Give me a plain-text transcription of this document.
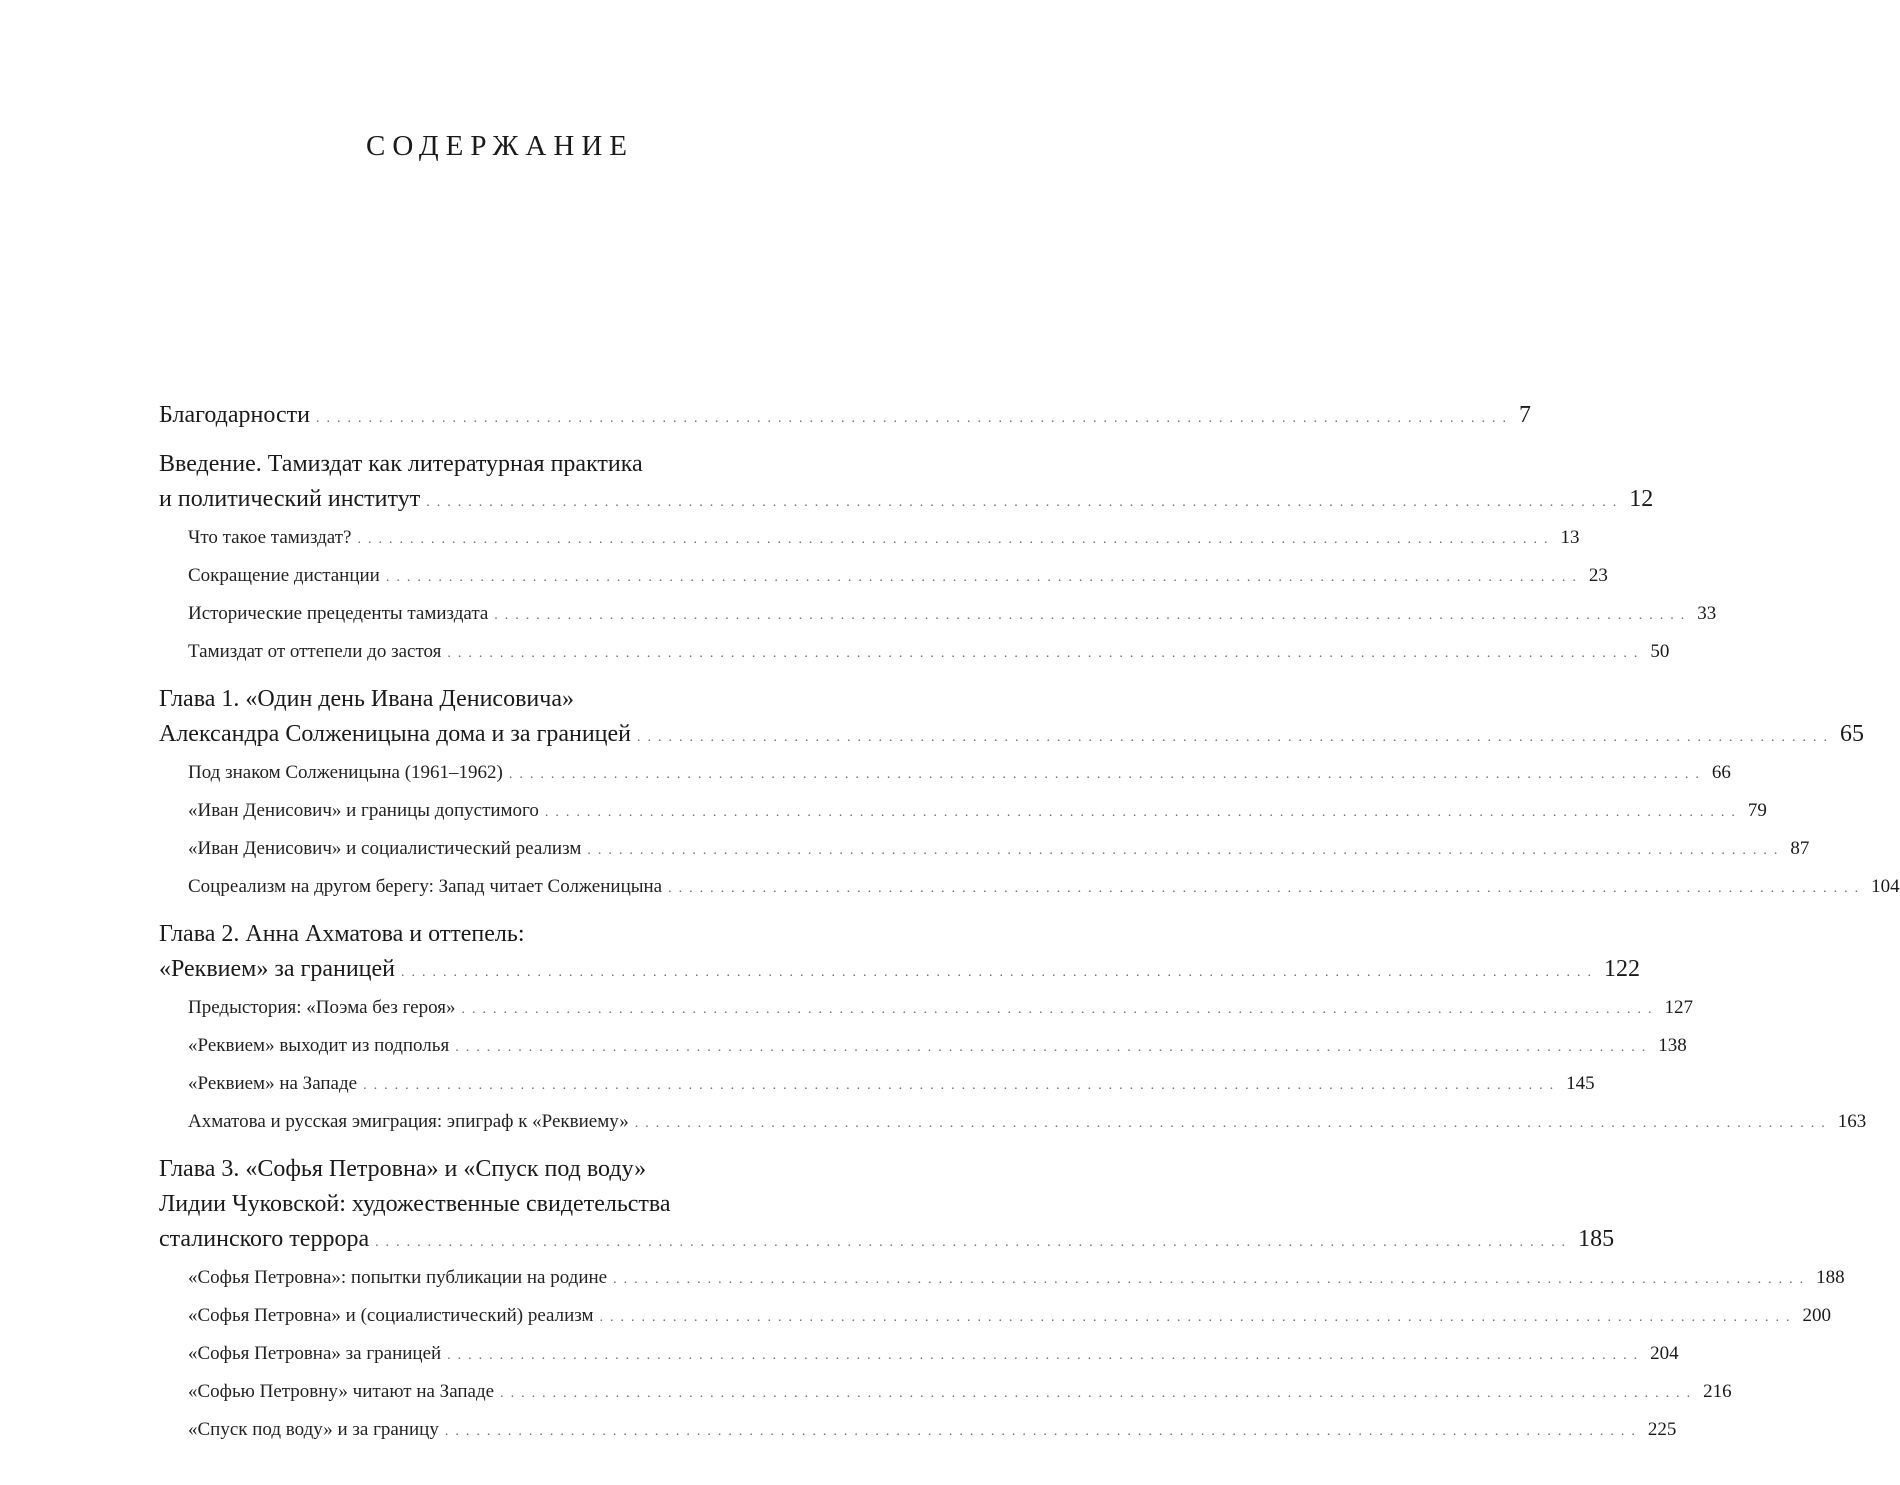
СОДЕРЖАНИЕ
Благодарности .................................................................................................................. 7
Введение. Тамиздат как литературная практика
и политический институт .................................................................................................................. 12
Что такое тамиздат? .................................................................................................................. 13
Сокращение дистанции .................................................................................................................. 23
Исторические прецеденты тамиздата .................................................................................................................. 33
Тамиздат от оттепели до застоя .................................................................................................................. 50
Глава 1. «Один день Ивана Денисовича»
Александра Солженицына дома и за границей .................................................................................................................. 65
Под знаком Солженицына (1961–1962) .................................................................................................................. 66
«Иван Денисович» и границы допустимого .................................................................................................................. 79
«Иван Денисович» и социалистический реализм .................................................................................................................. 87
Соцреализм на другом берегу: Запад читает Солженицына .................................................................................................................. 104
Глава 2. Анна Ахматова и оттепель:
«Реквием» за границей .................................................................................................................. 122
Предыстория: «Поэма без героя» .................................................................................................................. 127
«Реквием» выходит из подполья .................................................................................................................. 138
«Реквием» на Западе .................................................................................................................. 145
Ахматова и русская эмиграция: эпиграф к «Реквиему» .................................................................................................................. 163
Глава 3. «Софья Петровна» и «Спуск под воду»
Лидии Чуковской: художественные свидетельства
сталинского террора .................................................................................................................. 185
«Софья Петровна»: попытки публикации на родине .................................................................................................................. 188
«Софья Петровна» и (социалистический) реализм .................................................................................................................. 200
«Софья Петровна» за границей .................................................................................................................. 204
«Софью Петровну» читают на Западе .................................................................................................................. 216
«Спуск под воду» и за границу .................................................................................................................. 225
